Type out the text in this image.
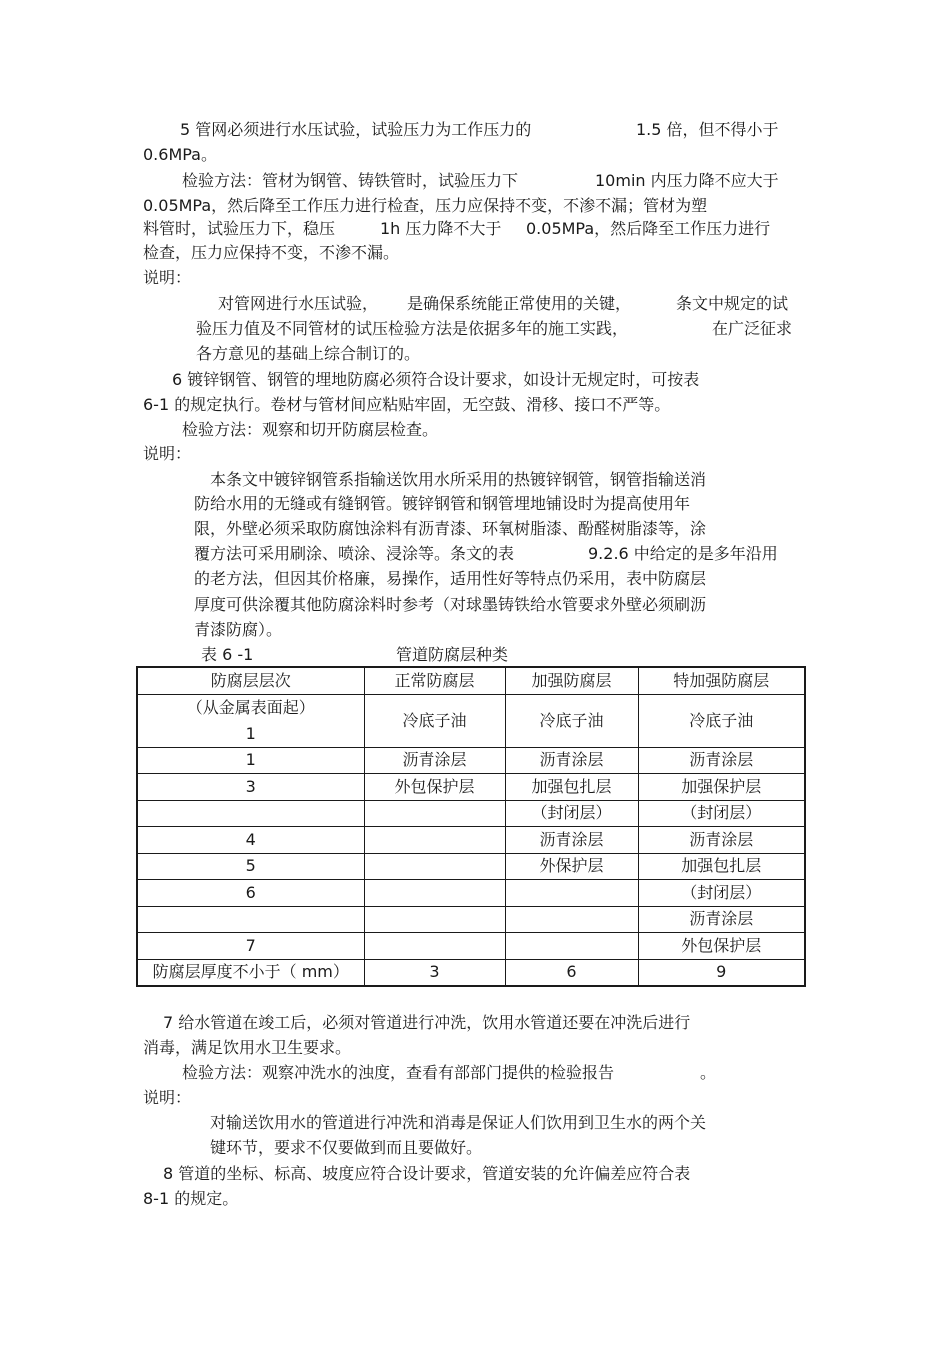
5 管网必须进行水压试验，试验压力为工作压力的	1.5 倍，但不得小于
0.6MPa。
检验方法：管材为钢管、铸铁管时，试验压力下	10min 内压力降不应大于
0.05MPa，然后降至工作压力进行检查，压力应保持不变，不渗不漏；管材为塑
料管时，试验压力下，稳压	1h 压力降不大于 0.05MPa，然后降至工作压力进行
检查，压力应保持不变，不渗不漏。
说明：
对管网进行水压试验， 是确保系统能正常使用的关键，	条文中规定的试
验压力值及不同管材的试压检验方法是依据多年的施工实践，	在广泛征求
各方意见的基础上综合制订的。
6 镀锌钢管、钢管的埋地防腐必须符合设计要求，如设计无规定时，可按表
6-1 的规定执行。卷材与管材间应粘贴牢固，无空鼓、滑移、接口不严等。
检验方法：观察和切开防腐层检查。
说明：
本条文中镀锌钢管系指输送饮用水所采用的热镀锌钢管，钢管指输送消
防给水用的无缝或有缝钢管。镀锌钢管和钢管埋地铺设时为提高使用年
限，外壁必须采取防腐蚀涂料有沥青漆、环氧树脂漆、酚醛树脂漆等，涂
覆方法可采用刷涂、喷涂、浸涂等。条文的表	9.2.6 中给定的是多年沿用
的老方法，但因其价格廉，易操作，适用性好等特点仍采用，表中防腐层
厚度可供涂覆其他防腐涂料时参考（对球墨铸铁给水管要求外壁必须刷沥
青漆防腐）。
表 6 -1	管道防腐层种类
防腐层层次	正常防腐层	加强防腐层	特加强防腐层

（从金属表面起）
1	冷底子油	冷底子油	冷底子油
1	沥青涂层	沥青涂层	沥青涂层
3	外包保护层	加强包扎层	加强保护层
		（封闭层）	（封闭层）
4		沥青涂层	沥青涂层
5		外保护层	加强包扎层
6			（封闭层）
			沥青涂层
7			外包保护层
防腐层厚度不小于（ mm）	3	6	9
7 给水管道在竣工后，必须对管道进行冲洗，饮用水管道还要在冲洗后进行
消毒，满足饮用水卫生要求。
检验方法：观察冲洗水的浊度，查看有部部门提供的检验报告	。
说明：
对输送饮用水的管道进行冲洗和消毒是保证人们饮用到卫生水的两个关
键环节，要求不仅要做到而且要做好。
8 管道的坐标、标高、坡度应符合设计要求，管道安装的允许偏差应符合表
8-1 的规定。
